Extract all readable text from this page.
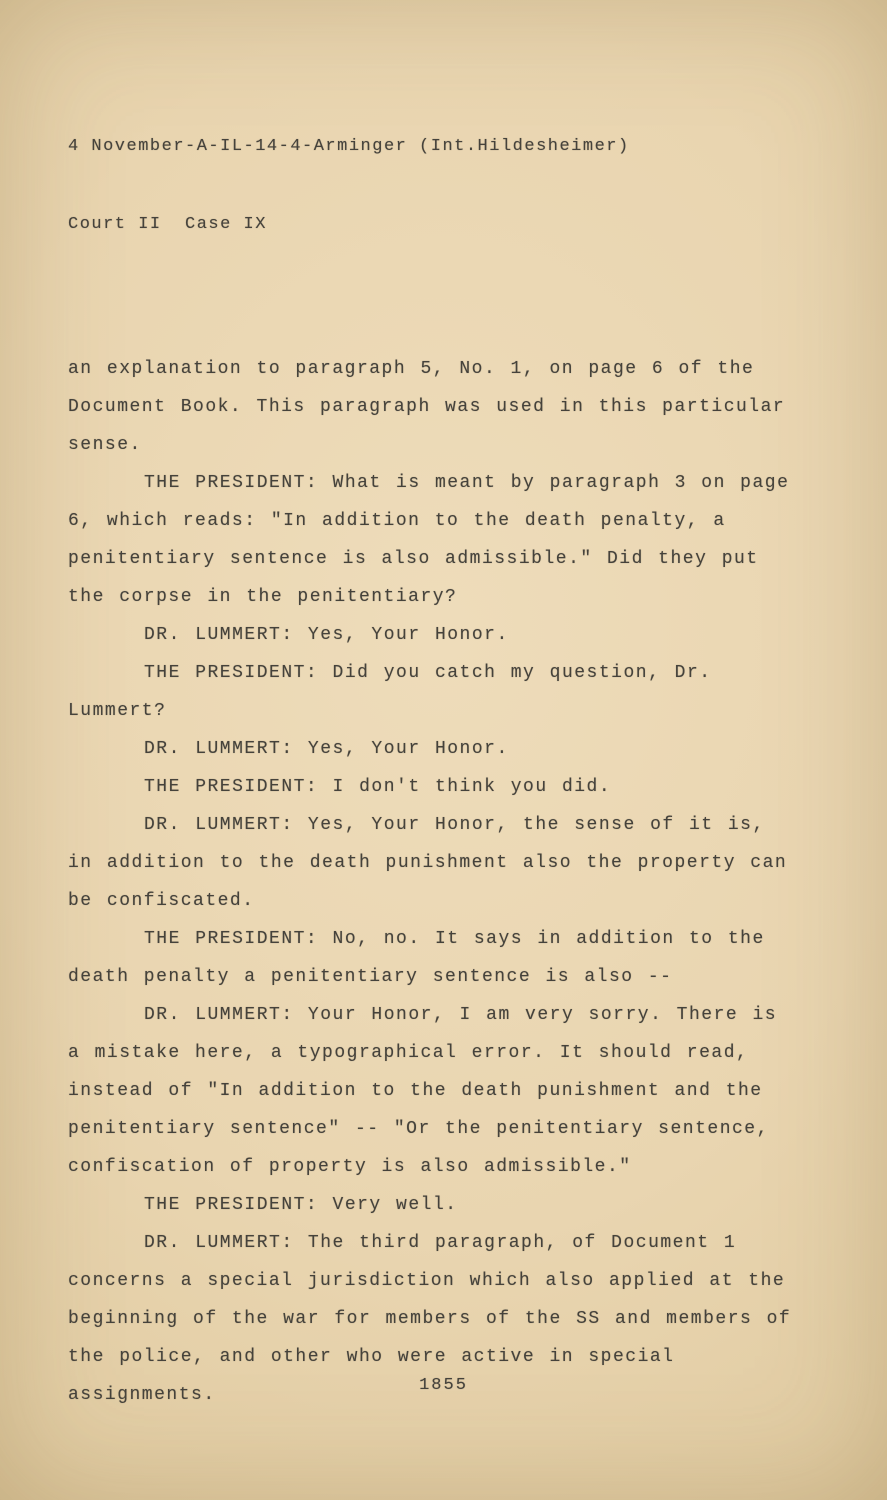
4 November-A-IL-14-4-Arminger (Int.Hildesheimer)

Court II  Case IX

an explanation to paragraph 5, No. 1, on page 6 of the Document Book. This paragraph was used in this particular sense.

THE PRESIDENT: What is meant by paragraph 3 on page 6, which reads: "In addition to the death penalty, a penitentiary sentence is also admissible." Did they put the corpse in the penitentiary?

DR. LUMMERT: Yes, Your Honor.

THE PRESIDENT: Did you catch my question, Dr. Lummert?

DR. LUMMERT: Yes, Your Honor.

THE PRESIDENT: I don't think you did.

DR. LUMMERT: Yes, Your Honor, the sense of it is, in addition to the death punishment also the property can be confiscated.

THE PRESIDENT: No, no. It says in addition to the death penalty a penitentiary sentence is also --

DR. LUMMERT: Your Honor, I am very sorry. There is a mistake here, a typographical error. It should read, instead of "In addition to the death punishment and the penitentiary sentence" -- "Or the penitentiary sentence, confiscation of property is also admissible."

THE PRESIDENT: Very well.

DR. LUMMERT: The third paragraph, of Document 1 concerns a special jurisdiction which also applied at the beginning of the war for members of the SS and members of the police, and other who were active in special assignments.	1855
